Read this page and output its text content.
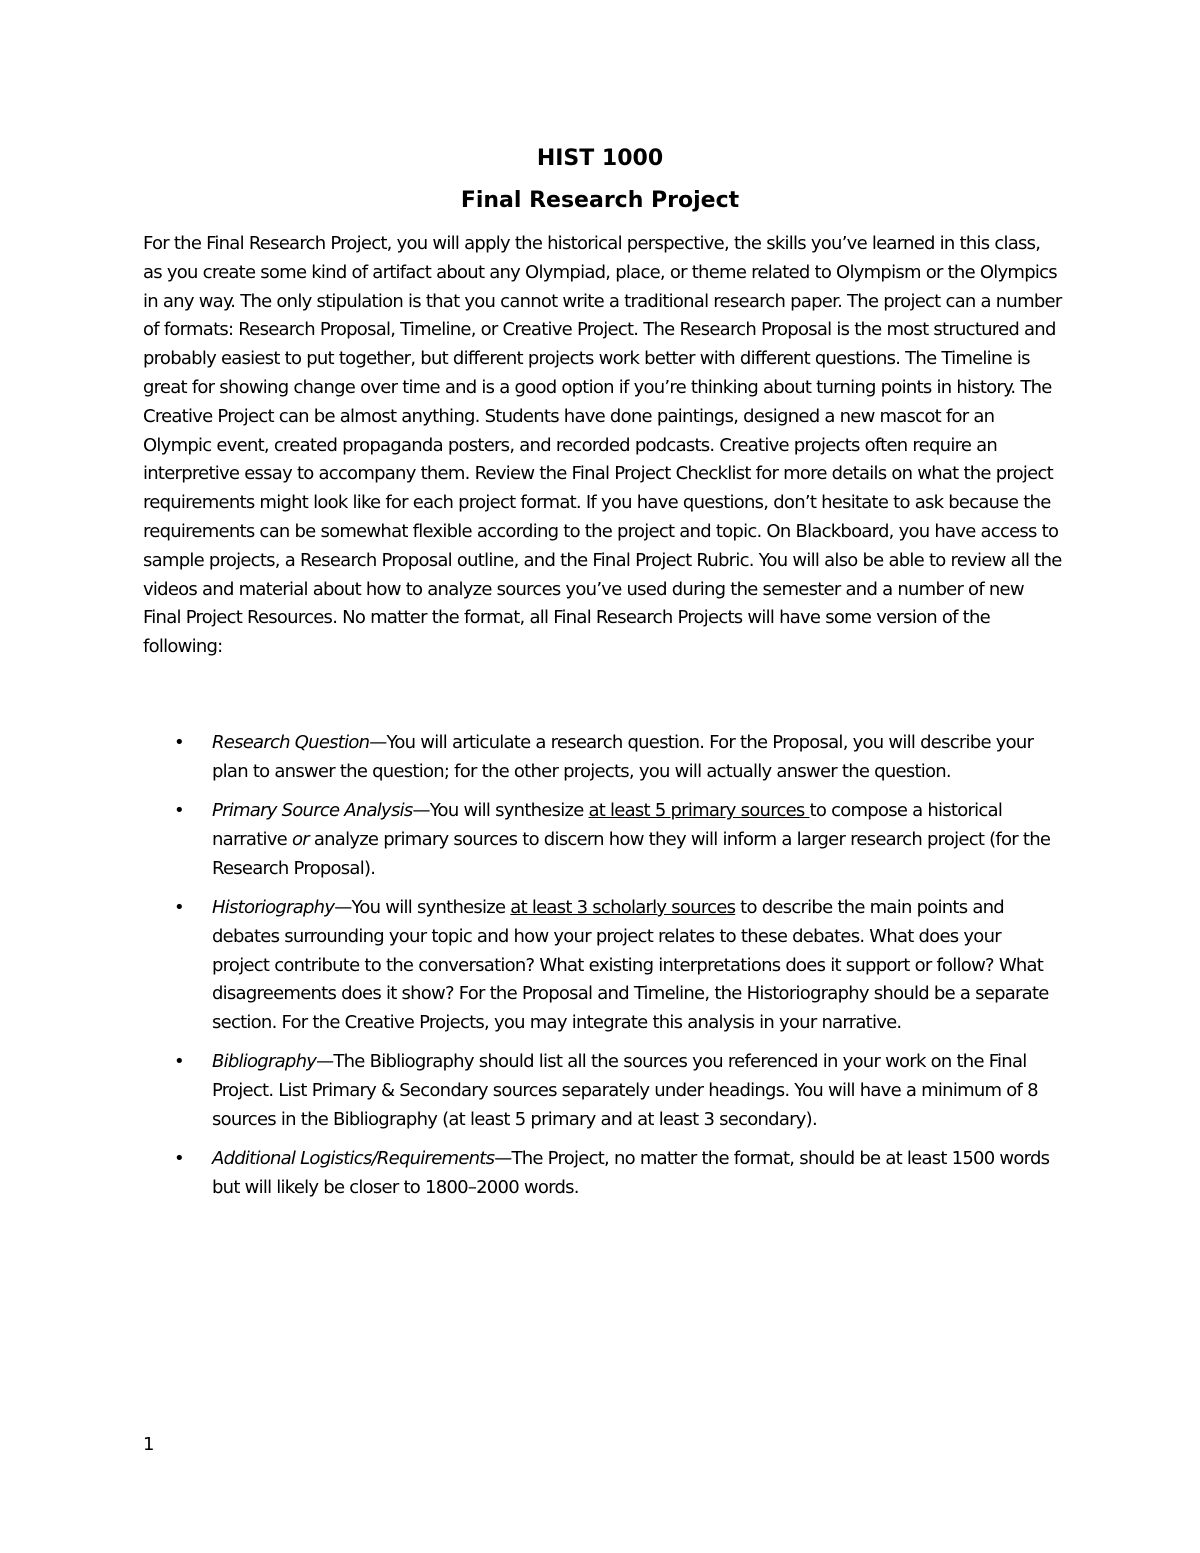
HIST 1000
Final Research Project

For the Final Research Project, you will apply the historical perspective, the skills you’ve learned in this class, as you create some kind of artifact about any Olympiad, place, or theme related to Olympism or the Olympics in any way. The only stipulation is that you cannot write a traditional research paper. The project can a number of formats: Research Proposal, Timeline, or Creative Project. The Research Proposal is the most structured and probably easiest to put together, but different projects work better with different questions. The Timeline is great for showing change over time and is a good option if you’re thinking about turning points in history. The Creative Project can be almost anything. Students have done paintings, designed a new mascot for an Olympic event, created propaganda posters, and recorded podcasts. Creative projects often require an interpretive essay to accompany them. Review the Final Project Checklist for more details on what the project requirements might look like for each project format. If you have questions, don’t hesitate to ask because the requirements can be somewhat flexible according to the project and topic. On Blackboard, you have access to sample projects, a Research Proposal outline, and the Final Project Rubric. You will also be able to review all the videos and material about how to analyze sources you’ve used during the semester and a number of new Final Project Resources. No matter the format, all Final Research Projects will have some version of the following:

• Research Question—You will articulate a research question. For the Proposal, you will describe your plan to answer the question; for the other projects, you will actually answer the question.
• Primary Source Analysis—You will synthesize at least 5 primary sources to compose a historical narrative or analyze primary sources to discern how they will inform a larger research project (for the Research Proposal).
• Historiography—You will synthesize at least 3 scholarly sources to describe the main points and debates surrounding your topic and how your project relates to these debates. What does your project contribute to the conversation? What existing interpretations does it support or follow? What disagreements does it show? For the Proposal and Timeline, the Historiography should be a separate section. For the Creative Projects, you may integrate this analysis in your narrative.
• Bibliography—The Bibliography should list all the sources you referenced in your work on the Final Project. List Primary & Secondary sources separately under headings. You will have a minimum of 8 sources in the Bibliography (at least 5 primary and at least 3 secondary).
• Additional Logistics/Requirements—The Project, no matter the format, should be at least 1500 words but will likely be closer to 1800–2000 words.
1
